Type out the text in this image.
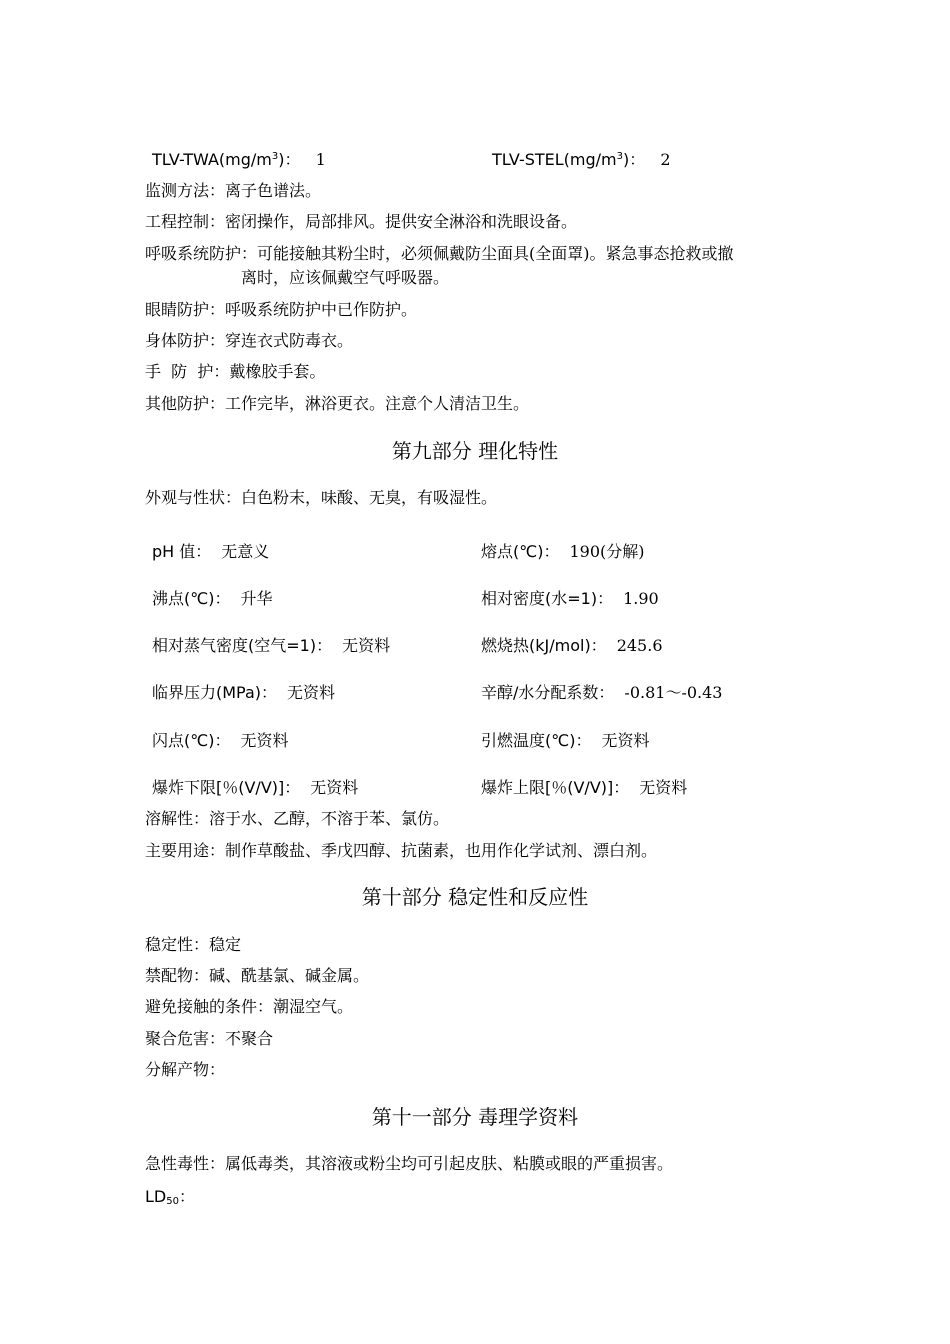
TLV-$TWA(mg/m^3)$： 1	TLV-$STEL(mg/m^3)$： 2
监测方法：离子色谱法。
工程控制：密闭操作，局部排风。提供安全淋浴和洗眼设备。
呼吸系统防护：可能接触其粉尘时，必须佩戴防尘面具(全面罩)。紧急事态抢救或撤
离时，应该佩戴空气呼吸器。
眼睛防护：呼吸系统防护中已作防护。
身体防护：穿连衣式防毒衣。
手  防  护：戴橡胶手套。
其他防护：工作完毕，淋浴更衣。注意个人清洁卫生。
第九部分 理化特性
外观与性状：白色粉末，味酸、无臭，有吸湿性。
pH 值： 无意义	熔点(℃)： 190(分解)
沸点(℃)： 升华	相对密度(水=1)： 1.90
相对蒸气密度(空气=1)： 无资料	燃烧热(kJ/mol)： 245.6
临界压力(MPa)： 无资料	辛醇/水分配系数： -0.81～-0.43
闪点(℃)： 无资料	引燃温度(℃)： 无资料
爆炸下限[％(V/V)]： 无资料	爆炸上限[％(V/V)]： 无资料
溶解性：溶于水、乙醇，不溶于苯、氯仿。
主要用途：制作草酸盐、季戊四醇、抗菌素，也用作化学试剂、漂白剂。
第十部分 稳定性和反应性
稳定性：稳定
禁配物：碱、酰基氯、碱金属。
避免接触的条件：潮湿空气。
聚合危害：不聚合
分解产物：
第十一部分 毒理学资料
急性毒性：属低毒类，其溶液或粉尘均可引起皮肤、粘膜或眼的严重损害。
$LD_{50}$：
